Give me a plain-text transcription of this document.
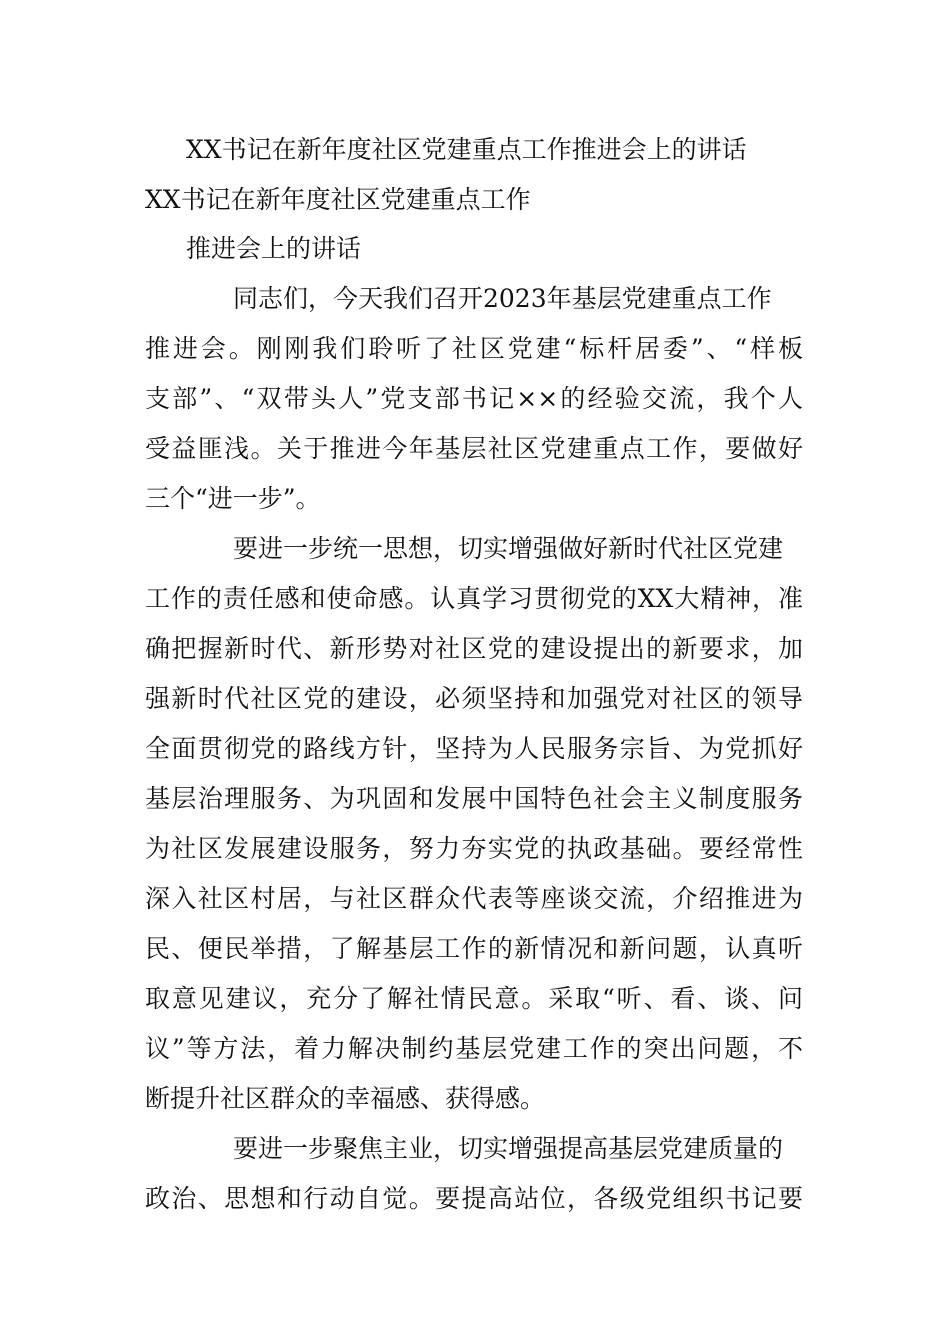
XX书记在新年度社区党建重点工作推进会上的讲话
XX书记在新年度社区党建重点工作
推进会上的讲话
同志们，今天我们召开2023年基层党建重点工作
推进会。刚刚我们聆听了社区党建“标杆居委”、“样板
支部”、“双带头人”党支部书记××的经验交流，我个人
受益匪浅。关于推进今年基层社区党建重点工作，要做好
三个“进一步”。
要进一步统一思想，切实增强做好新时代社区党建
工作的责任感和使命感。认真学习贯彻党的XX大精神，准
确把握新时代、新形势对社区党的建设提出的新要求，加
强新时代社区党的建设，必须坚持和加强党对社区的领导
全面贯彻党的路线方针，坚持为人民服务宗旨、为党抓好
基层治理服务、为巩固和发展中国特色社会主义制度服务
为社区发展建设服务，努力夯实党的执政基础。要经常性
深入社区村居，与社区群众代表等座谈交流，介绍推进为
民、便民举措，了解基层工作的新情况和新问题，认真听
取意见建议，充分了解社情民意。采取“听、看、谈、问
议”等方法，着力解决制约基层党建工作的突出问题，不
断提升社区群众的幸福感、获得感。
要进一步聚焦主业，切实增强提高基层党建质量的
政治、思想和行动自觉。要提高站位，各级党组织书记要
